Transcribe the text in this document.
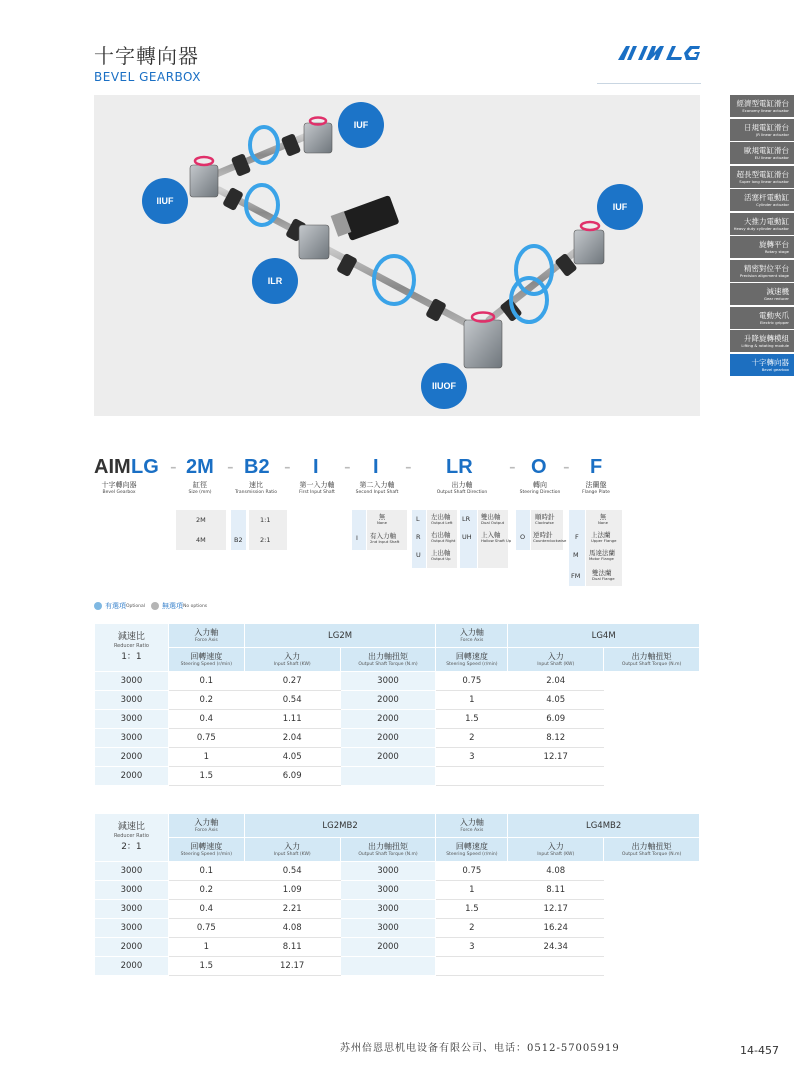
十字轉向器
BEVEL GEARBOX
IUF
IIUF
ILR
IUF
IIUOF
經濟型電缸滑台
Economy linear actuator
日規電缸滑台
JR linear actuator
歐規電缸滑台
EU linear actuator
超長型電缸滑台
Super long linear actuator
活塞杆電動缸
Cylinder actuator
大推力電動缸
Heavy duty cylinder actuator
旋轉平台
Rotary stage
精密對位平台
Precision alignment stage
減速機
Gear reducer
電動夾爪
Electric gripper
升降旋轉模組
Lifting & rotating module
十字轉向器
Bevel gearbox
AIM LG - 2M - B2 - I - I - LR - O - F
十字轉向器
Bevel Gearbox
缸徑
Size (mm)
速比
Transmission Ratio
第一入力軸
First Input Shaft
第二入力軸
Second Input Shaft
出力軸
Output Shaft Direction
轉向
Steering Direction
法蘭盤
Flange Plate
2M
4M	B2
1:1
2:1
無
None
I 有入力軸
2nd Input Shaft
L 左出軸
Output Left
R 右出軸
Output Right
U 上出軸
Output Up
LR 雙出軸
Dual Output
UH 上入軸
Hollow Shaft Up
順時針
Clockwise
O 逆時針
Counterclockwise
無
None
F 上法蘭
Upper Flange
M 馬達法蘭
Motor Flange
FM 雙法蘭
Dual Flange
有選項 Optional 無選項 No options
減速比
Reducer Ratio
1：1	入力軸
Force Axis	LG2M		入力軸
Force Axis	LG4M	

	回轉速度
Steering Speed (r/min)	入力
Input Shaft (KW)	出力軸扭矩
Output Shaft Torque (N.m)	回轉速度
Steering Speed (r/min)	入力
Input Shaft (KW)	出力軸扭矩
Output Shaft Torque (N.m)

3000	0.1	0.27	3000	0.75	2.04	
3000	0.2	0.54	2000	1	4.05	
3000	0.4	1.11	2000	1.5	6.09	
3000	0.75	2.04	2000	2	8.12	
2000	1	4.05	2000	3	12.17	
2000	1.5	6.09				
減速比
Reducer Ratio
2：1	入力軸
Force Axis	LG2MB2		入力軸
Force Axis	LG4MB2	

	回轉速度
Steering Speed (r/min)	入力
Input Shaft (KW)	出力軸扭矩
Output Shaft Torque (N.m)	回轉速度
Steering Speed (r/min)	入力
Input Shaft (KW)	出力軸扭矩
Output Shaft Torque (N.m)

3000	0.1	0.54	3000	0.75	4.08	
3000	0.2	1.09	3000	1	8.11	
3000	0.4	2.21	3000	1.5	12.17	
3000	0.75	4.08	3000	2	16.24	
2000	1	8.11	2000	3	24.34	
2000	1.5	12.17				
苏州倍恩思机电设备有限公司、电话：0512-57005919	14-457
